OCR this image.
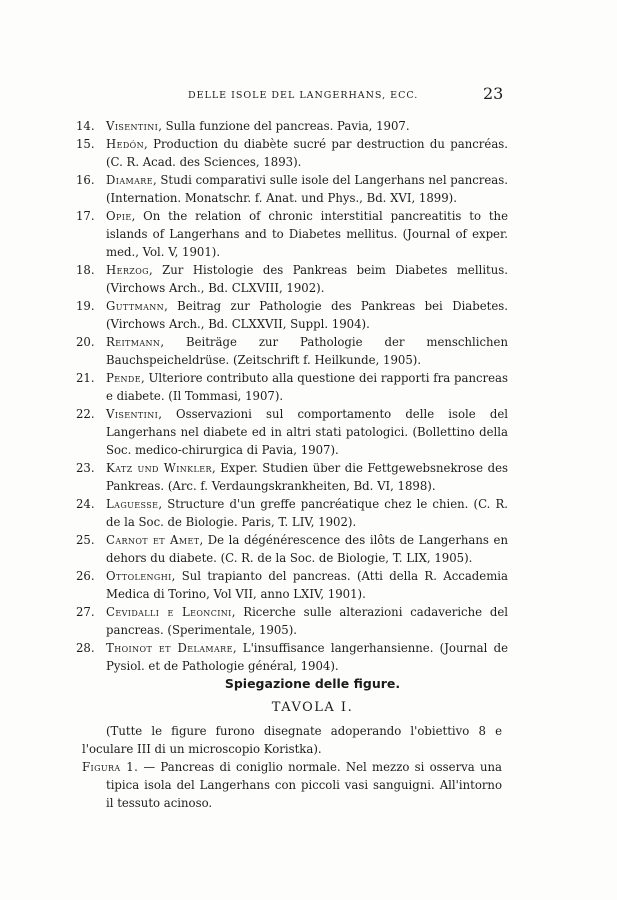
DELLE ISOLE DEL LANGERHANS, ECC.	23
14. Visentini, Sulla funzione del pancreas. Pavia, 1907.
15. Hedón, Production du diabète sucré par destruction du pancréas. (C. R. Acad. des Sciences, 1893).
16. Diamare, Studi comparativi sulle isole del Langerhans nel pancreas. (Internation. Monatschr. f. Anat. und Phys., Bd. XVI, 1899).
17. Opie, On the relation of chronic interstitial pancreatitis to the islands of Langerhans and to Diabetes mellitus. (Journal of exper. med., Vol. V, 1901).
18. Herzog, Zur Histologie des Pankreas beim Diabetes mellitus. (Virchows Arch., Bd. CLXVIII, 1902).
19. Guttmann, Beitrag zur Pathologie des Pankreas bei Diabetes. (Virchows Arch., Bd. CLXXVII, Suppl. 1904).
20. Reitmann, Beiträge zur Pathologie der menschlichen Bauchspeicheldrüse. (Zeitschrift f. Heilkunde, 1905).
21. Pende, Ulteriore contributo alla questione dei rapporti fra pancreas e diabete. (Il Tommasi, 1907).
22. Visentini, Osservazioni sul comportamento delle isole del Langerhans nel diabete ed in altri stati patologici. (Bollettino della Soc. medico-chirurgica di Pavia, 1907).
23. Katz und Winkler, Exper. Studien über die Fettgewebsnekrose des Pankreas. (Arc. f. Verdaungskrankheiten, Bd. VI, 1898).
24. Laguesse, Structure d'un greffe pancréatique chez le chien. (C. R. de la Soc. de Biologie. Paris, T. LIV, 1902).
25. Carnot et Amet, De la dégénérescence des ilôts de Langerhans en dehors du diabete. (C. R. de la Soc. de Biologie, T. LIX, 1905).
26. Ottolenghi, Sul trapianto del pancreas. (Atti della R. Accademia Medica di Torino, Vol VII, anno LXIV, 1901).
27. Cevidalli e Leoncini, Ricerche sulle alterazioni cadaveriche del pancreas. (Sperimentale, 1905).
28. Thoinot et Delamare, L'insuffisance langerhansienne. (Journal de Pysiol. et de Pathologie général, 1904).
Spiegazione delle figure.
TAVOLA I.
(Tutte le figure furono disegnate adoperando l'obiettivo 8 e l'oculare III di un microscopio Koristka).
Figura 1. — Pancreas di coniglio normale. Nel mezzo si osserva una tipica isola del Langerhans con piccoli vasi sanguigni. All'intorno il tessuto acinoso.
